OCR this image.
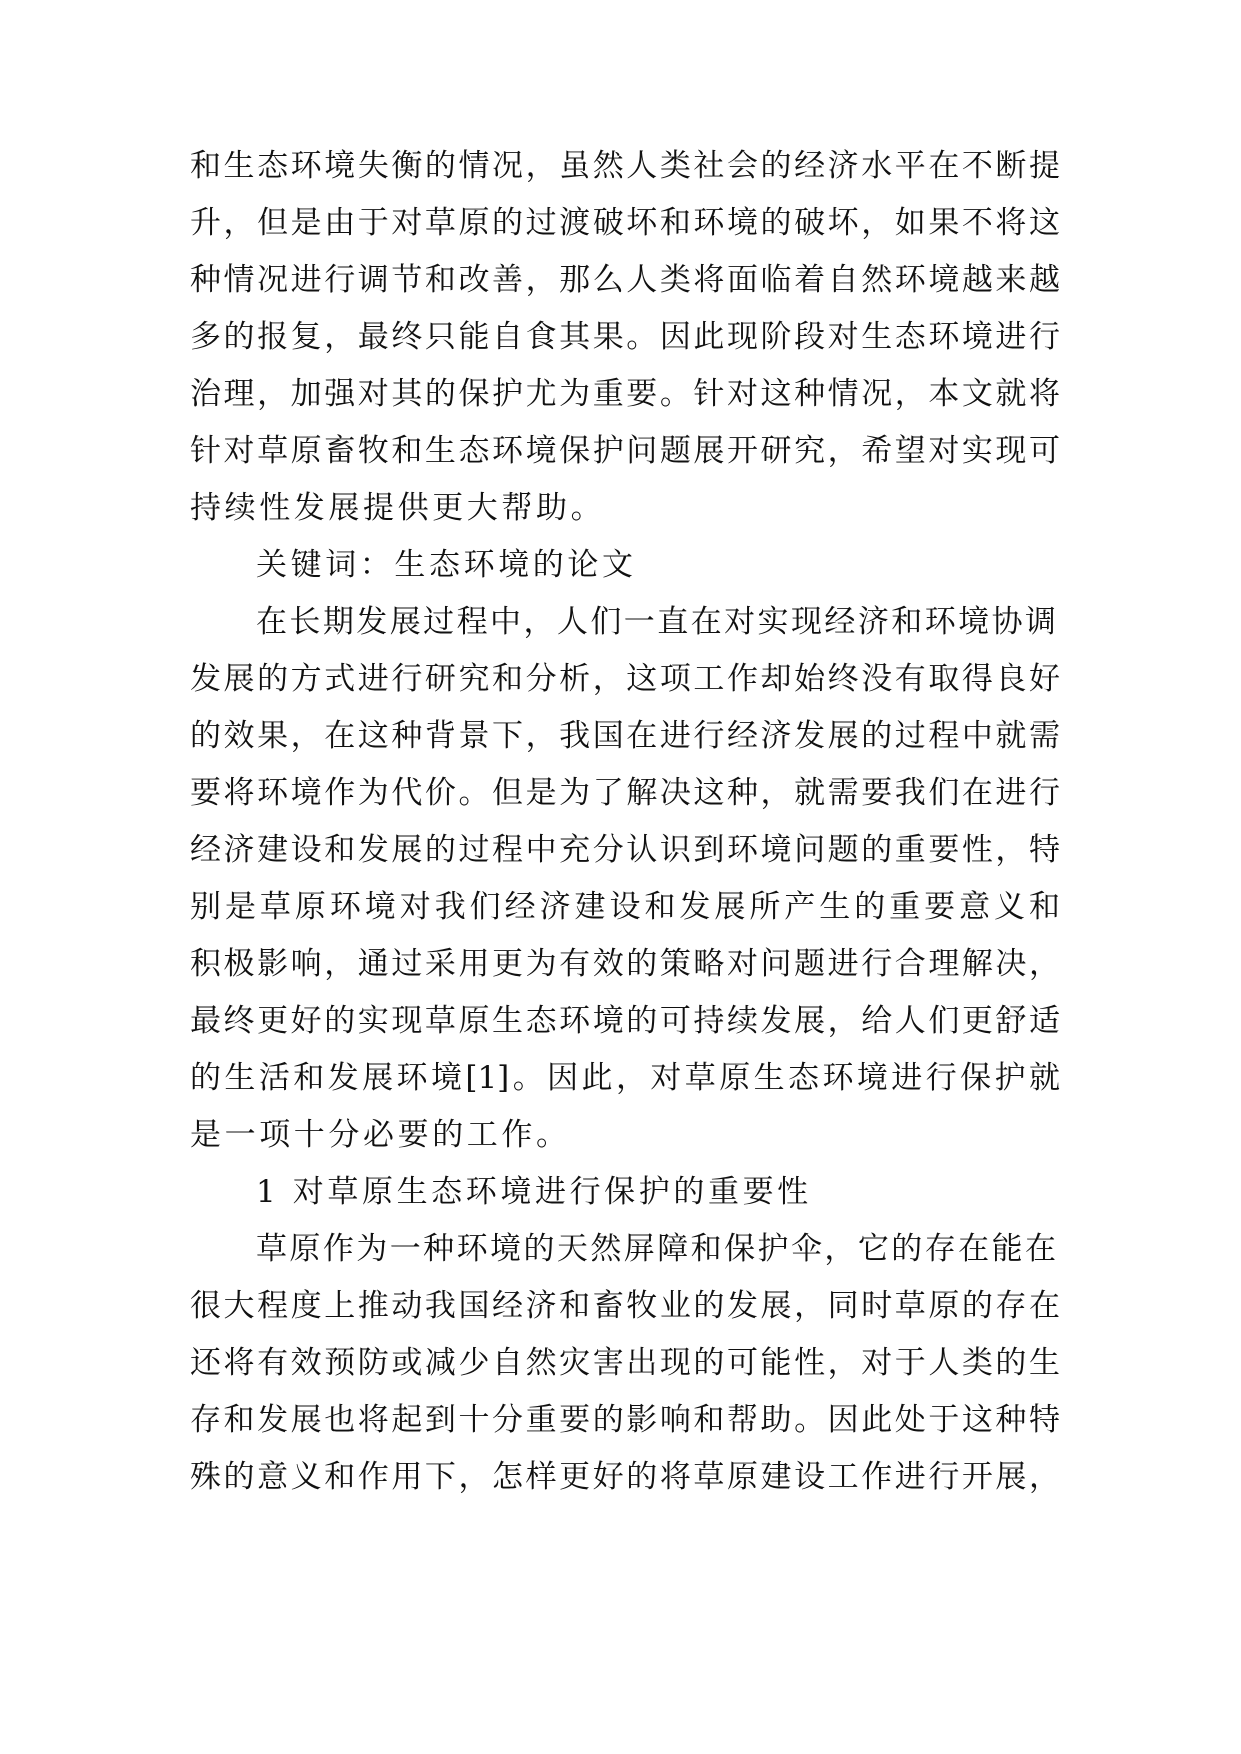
和生态环境失衡的情况，虽然人类社会的经济水平在不断提
升，但是由于对草原的过渡破坏和环境的破坏，如果不将这
种情况进行调节和改善，那么人类将面临着自然环境越来越
多的报复，最终只能自食其果。因此现阶段对生态环境进行
治理，加强对其的保护尤为重要。针对这种情况，本文就将
针对草原畜牧和生态环境保护问题展开研究，希望对实现可
持续性发展提供更大帮助。
关键词：生态环境的论文
在长期发展过程中，人们一直在对实现经济和环境协调
发展的方式进行研究和分析，这项工作却始终没有取得良好
的效果，在这种背景下，我国在进行经济发展的过程中就需
要将环境作为代价。但是为了解决这种，就需要我们在进行
经济建设和发展的过程中充分认识到环境问题的重要性，特
别是草原环境对我们经济建设和发展所产生的重要意义和
积极影响，通过采用更为有效的策略对问题进行合理解决，
最终更好的实现草原生态环境的可持续发展，给人们更舒适
的生活和发展环境[1]。因此，对草原生态环境进行保护就
是一项十分必要的工作。
1 对草原生态环境进行保护的重要性
草原作为一种环境的天然屏障和保护伞，它的存在能在
很大程度上推动我国经济和畜牧业的发展，同时草原的存在
还将有效预防或减少自然灾害出现的可能性，对于人类的生
存和发展也将起到十分重要的影响和帮助。因此处于这种特
殊的意义和作用下，怎样更好的将草原建设工作进行开展，
